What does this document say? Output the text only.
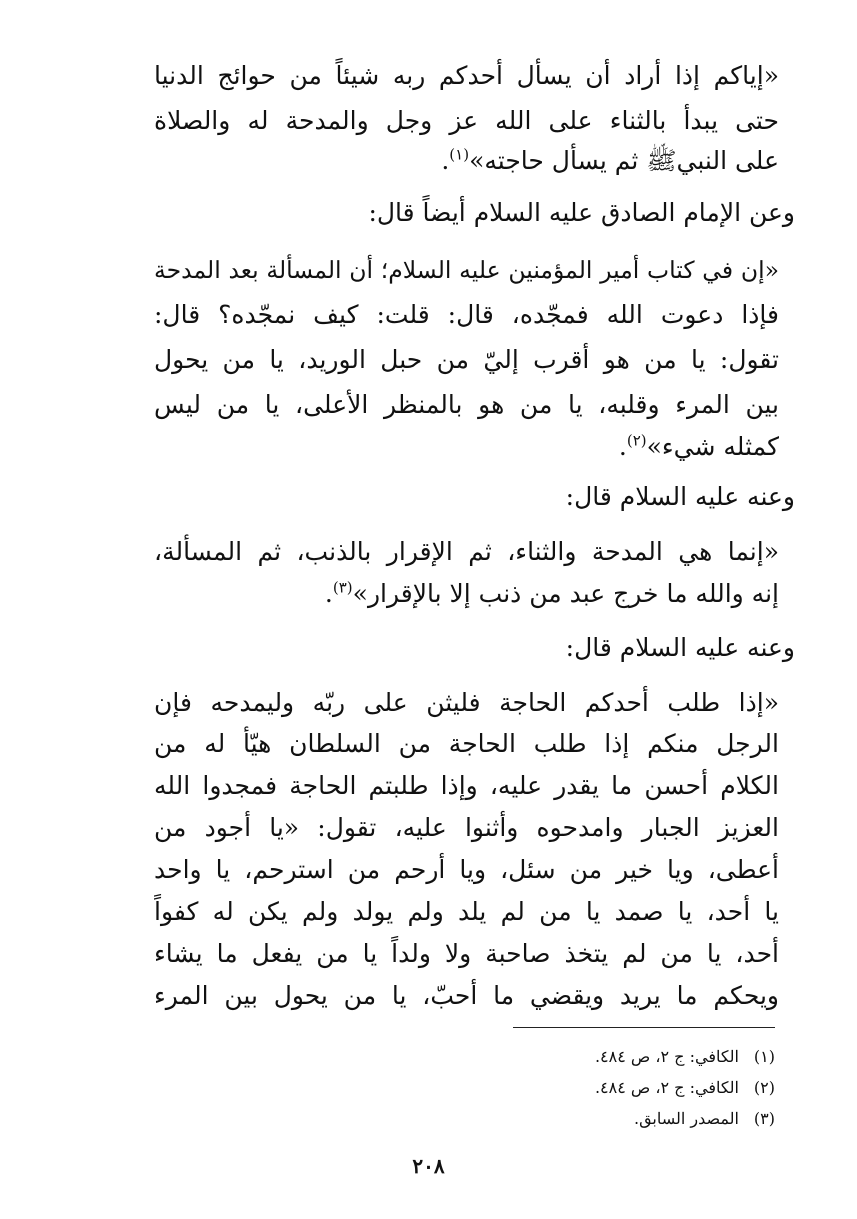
«إياكم إذا أراد أن يسأل أحدكم ربه شيئاً من حوائج الدنيا
حتى يبدأ بالثناء على الله عز وجل والمدحة له والصلاة
على النبيﷺ ثم يسأل حاجته»$^{(١)}$.
وعن الإمام الصادق عليه السلام أيضاً قال:
«إن في كتاب أمير المؤمنين عليه السلام؛ أن المسألة بعد المدحة
فإذا دعوت الله فمجّده، قال: قلت: كيف نمجّده؟ قال:
تقول: يا من هو أقرب إليّ من حبل الوريد، يا من يحول
بين المرء وقلبه، يا من هو بالمنظر الأعلى، يا من ليس
كمثله شيء»$^{(٢)}$.
وعنه عليه السلام قال:
«إنما هي المدحة والثناء، ثم الإقرار بالذنب، ثم المسألة،
إنه والله ما خرج عبد من ذنب إلا بالإقرار»$^{(٣)}$.
وعنه عليه السلام قال:
«إذا طلب أحدكم الحاجة فليثن على ربّه وليمدحه فإن
الرجل منكم إذا طلب الحاجة من السلطان هيّأ له من
الكلام أحسن ما يقدر عليه، وإذا طلبتم الحاجة فمجدوا الله
العزيز الجبار وامدحوه وأثنوا عليه، تقول: «يا أجود من
أعطى، ويا خير من سئل، ويا أرحم من استرحم، يا واحد
يا أحد، يا صمد يا من لم يلد ولم يولد ولم يكن له كفواً
أحد، يا من لم يتخذ صاحبة ولا ولداً يا من يفعل ما يشاء
ويحكم ما يريد ويقضي ما أحبّ، يا من يحول بين المرء
(١)الكافي: ج ٢، ص ٤٨٤.
(٢)الكافي: ج ٢، ص ٤٨٤.
(٣)المصدر السابق.
٢٠٨
